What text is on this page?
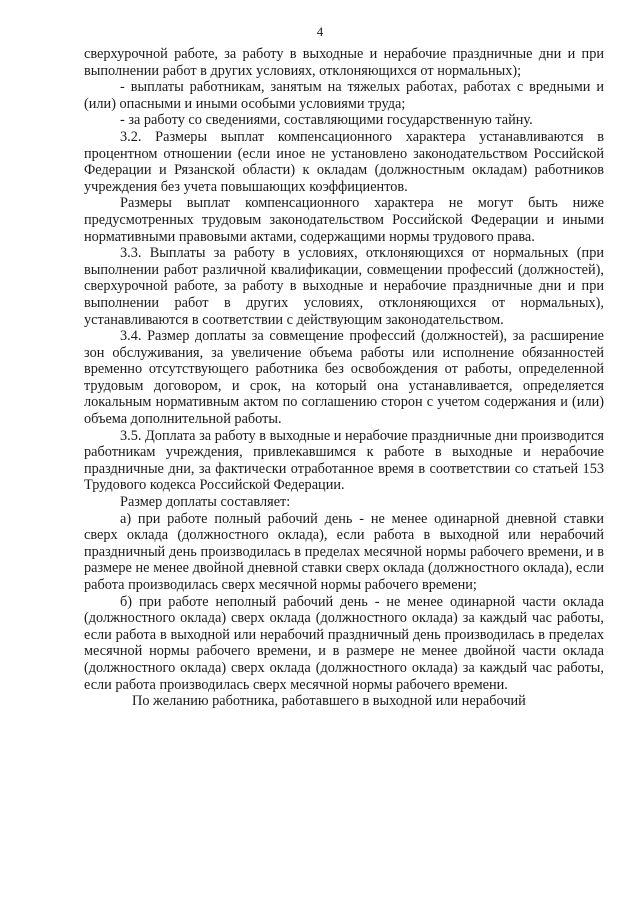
4

сверхурочной работе, за работу в выходные и нерабочие праздничные дни и при выполнении работ в других условиях, отклоняющихся от нормальных);

- выплаты работникам, занятым на тяжелых работах, работах с вредными и (или) опасными и иными особыми условиями труда;

- за работу со сведениями, составляющими государственную тайну.

3.2. Размеры выплат компенсационного характера устанавливаются в процентном отношении (если иное не установлено законодательством Российской Федерации и Рязанской области) к окладам (должностным окладам) работников учреждения без учета повышающих коэффициентов.

Размеры выплат компенсационного характера не могут быть ниже предусмотренных трудовым законодательством Российской Федерации и иными нормативными правовыми актами, содержащими нормы трудового права.

3.3. Выплаты за работу в условиях, отклоняющихся от нормальных (при выполнении работ различной квалификации, совмещении профессий (должностей), сверхурочной работе, за работу в выходные и нерабочие праздничные дни и при выполнении работ в других условиях, отклоняющихся от нормальных), устанавливаются в соответствии с действующим законодательством.

3.4. Размер доплаты за совмещение профессий (должностей), за расширение зон обслуживания, за увеличение объема работы или исполнение обязанностей временно отсутствующего работника без освобождения от работы, определенной трудовым договором, и срок, на который она устанавливается, определяется локальным нормативным актом по соглашению сторон с учетом содержания и (или) объема дополнительной работы.

3.5. Доплата за работу в выходные и нерабочие праздничные дни производится работникам учреждения, привлекавшимся к работе в выходные и нерабочие праздничные дни, за фактически отработанное время в соответствии со статьей 153 Трудового кодекса Российской Федерации.

Размер доплаты составляет:

а) при работе полный рабочий день - не менее одинарной дневной ставки сверх оклада (должностного оклада), если работа в выходной или нерабочий праздничный день производилась в пределах месячной нормы рабочего времени, и в размере не менее двойной дневной ставки сверх оклада (должностного оклада), если работа производилась сверх месячной нормы рабочего времени;

б) при работе неполный рабочий день - не менее одинарной части оклада (должностного оклада) сверх оклада (должностного оклада) за каждый час работы, если работа в выходной или нерабочий праздничный день производилась в пределах месячной нормы рабочего времени, и в размере не менее двойной части оклада (должностного оклада) сверх оклада (должностного оклада) за каждый час работы, если работа производилась сверх месячной нормы рабочего времени.

По желанию работника, работавшего в выходной или нерабочий
